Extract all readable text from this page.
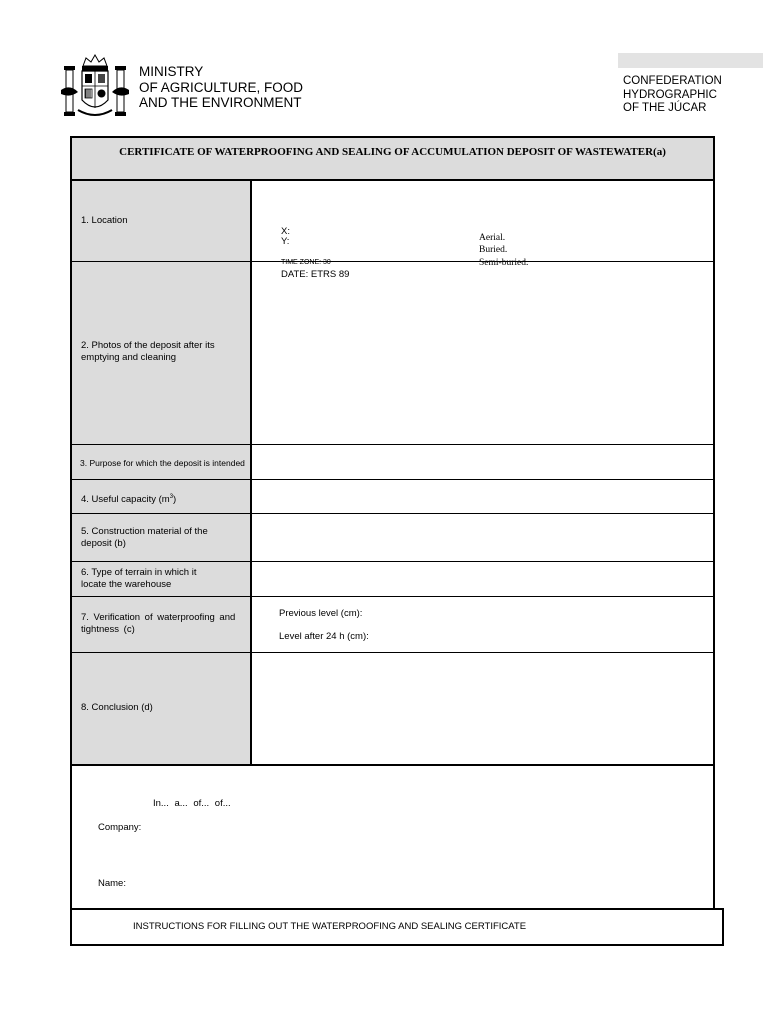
MINISTRY
OF AGRICULTURE, FOOD
AND THE ENVIRONMENT
CONFEDERATION
HYDROGRAPHIC
OF THE JÚCAR
CERTIFICATE OF WATERPROOFING AND SEALING OF ACCUMULATION DEPOSIT OF WASTEWATER(a)
1. Location
2. Photos of the deposit after its emptying and cleaning
3. Purpose for which the deposit is intended
4. Useful capacity $(m^3)$
5. Construction material of the deposit (b)
6. Type of terrain in which it locate the warehouse
7. Verification of waterproofing and tightness (c)
8. Conclusion (d)
X:
Y:
TIME ZONE: 30
DATE: ETRS 89
Aerial.
Buried.
Semi-buried.
Previous level (cm):
Level after 24 h (cm):
In... a... of... of...
Company:
Name:
INSTRUCTIONS FOR FILLING OUT THE WATERPROOFING AND SEALING CERTIFICATE
